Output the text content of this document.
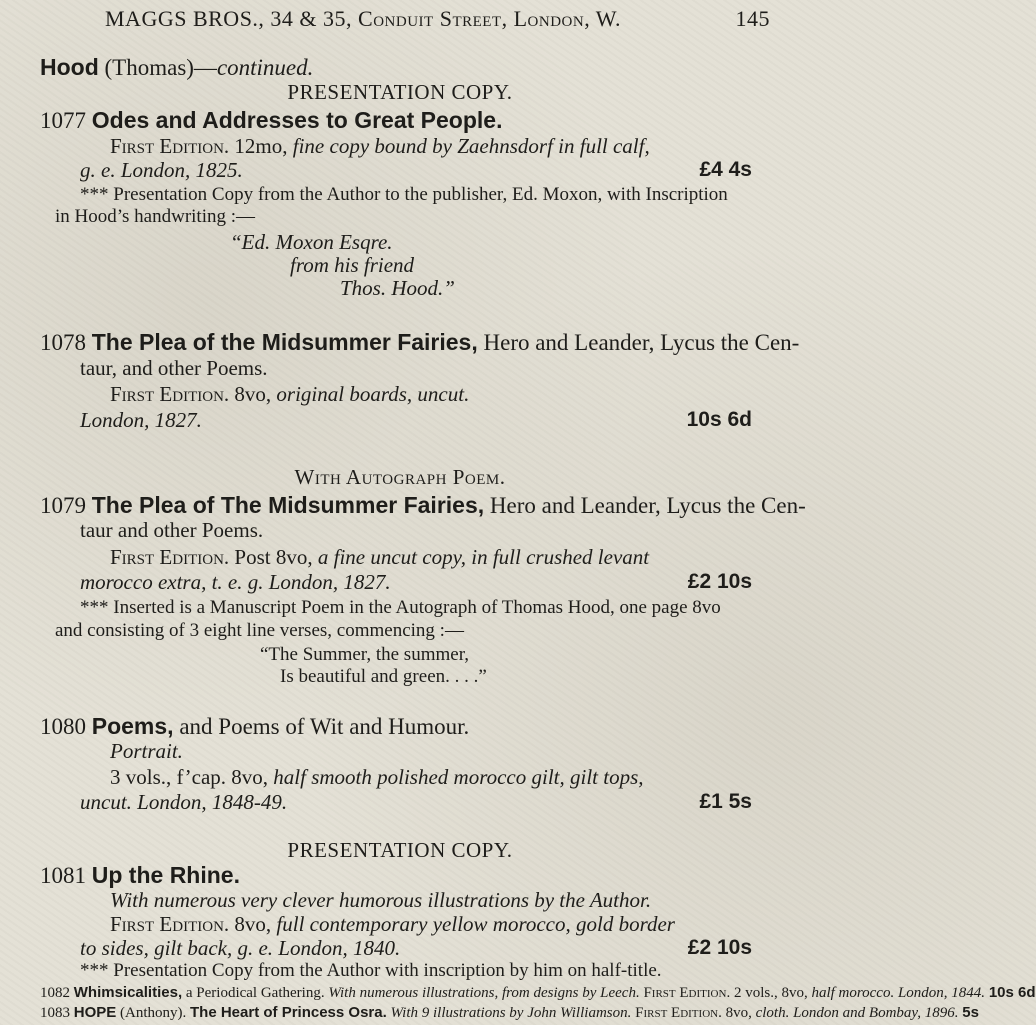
MAGGS BROS., 34 & 35, Conduit Street, London, W.	145
Hood (Thomas)—continued.
PRESENTATION COPY.
1077 Odes and Addresses to Great People.
First Edition. 12mo, fine copy bound by Zaehnsdorf in full calf,
g. e. London, 1825.	£4 4s
*** Presentation Copy from the Author to the publisher, Ed. Moxon, with Inscription
in Hood’s handwriting :—
“Ed. Moxon Esqre.
from his friend
Thos. Hood.”
1078 The Plea of the Midsummer Fairies, Hero and Leander, Lycus the Cen-
taur, and other Poems.
First Edition. 8vo, original boards, uncut.
London, 1827.	10s 6d
With Autograph Poem.
1079 The Plea of The Midsummer Fairies, Hero and Leander, Lycus the Cen-
taur and other Poems.
First Edition. Post 8vo, a fine uncut copy, in full crushed levant
morocco extra, t. e. g. London, 1827.	£2 10s
*** Inserted is a Manuscript Poem in the Autograph of Thomas Hood, one page 8vo
and consisting of 3 eight line verses, commencing :—
“The Summer, the summer,
Is beautiful and green. . . .”
1080 Poems, and Poems of Wit and Humour.
Portrait.
3 vols., f’cap. 8vo, half smooth polished morocco gilt, gilt tops,
uncut. London, 1848-49.	£1 5s
PRESENTATION COPY.
1081 Up the Rhine.
With numerous very clever humorous illustrations by the Author.
First Edition. 8vo, full contemporary yellow morocco, gold border
to sides, gilt back, g. e. London, 1840.	£2 10s
*** Presentation Copy from the Author with inscription by him on half-title.
1082 Whimsicalities, a Periodical Gathering. With numerous illustrations, from designs by Leech. First Edition. 2 vols., 8vo, half morocco. London, 1844. 10s 6d
1083 HOPE (Anthony). The Heart of Princess Osra. With 9 illustrations by John Williamson. First Edition. 8vo, cloth. London and Bombay, 1896. 5s
